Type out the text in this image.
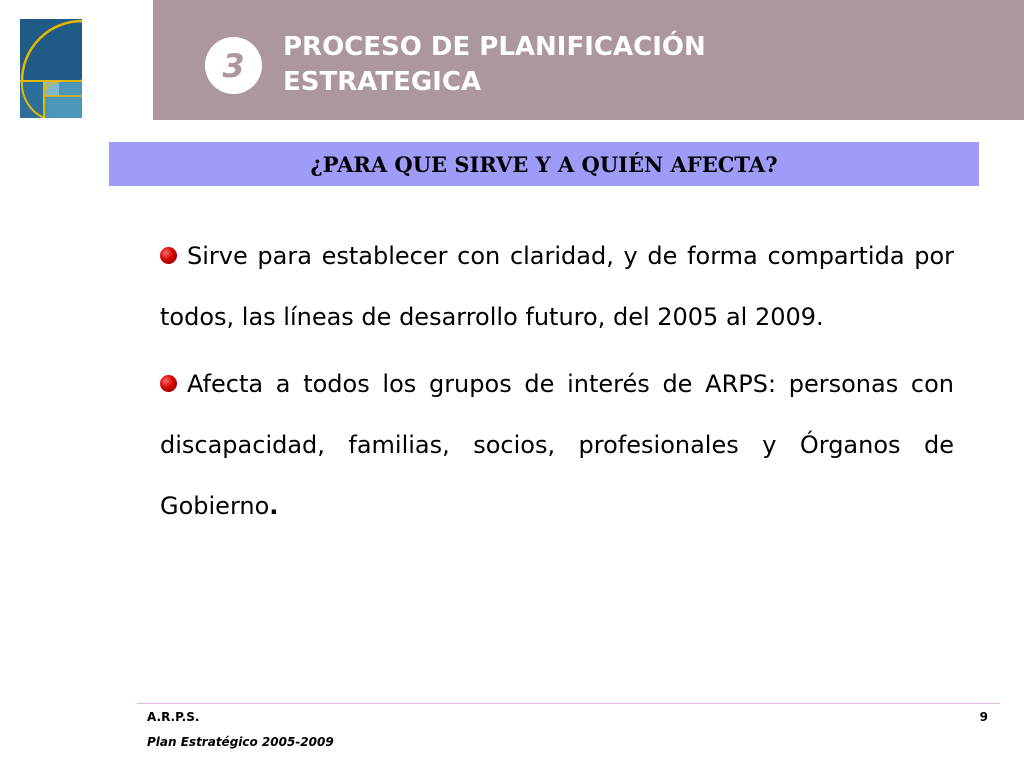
3 PROCESO DE PLANIFICACIÓN
ESTRATEGICA
¿PARA QUE SIRVE Y A QUIÉN AFECTA?

Sirve para establecer con claridad, y de forma compartida por todos, las líneas de desarrollo futuro, del 2005 al 2009.

Afecta a todos los grupos de interés de ARPS: personas con discapacidad, familias, socios, profesionales y Órganos de Gobierno.

A.R.P.S.	9
Plan Estratégico 2005-2009
